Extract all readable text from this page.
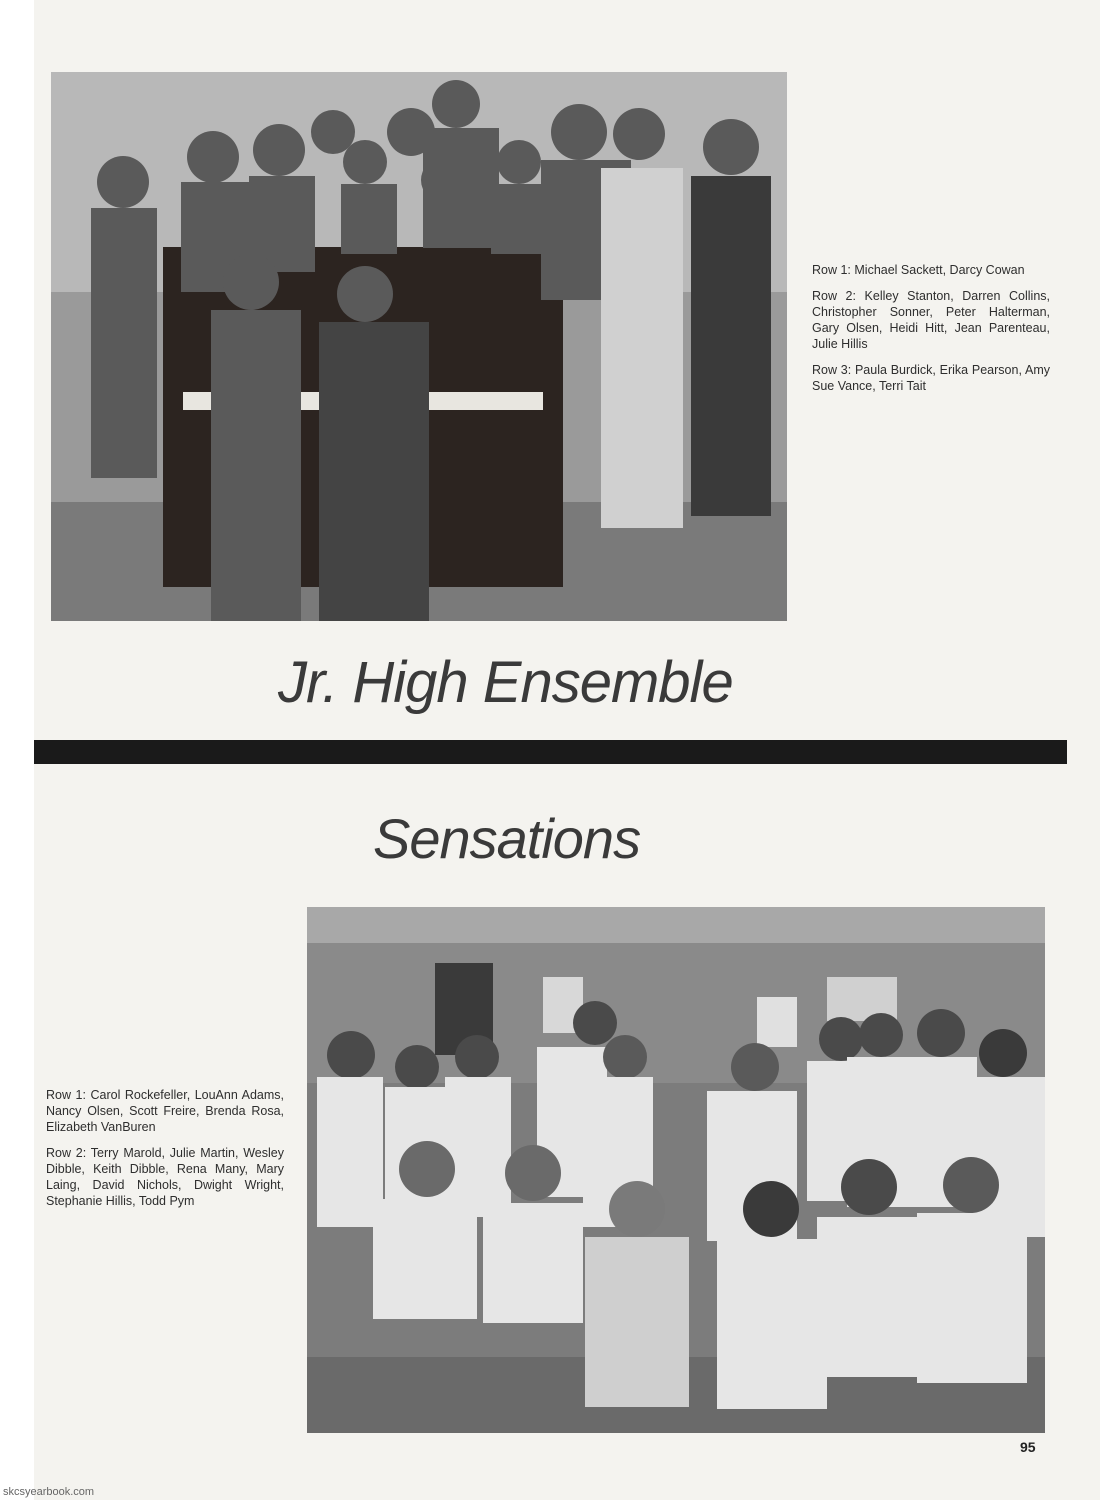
Row 1: Michael Sackett, Darcy Cowan

Row 2: Kelley Stanton, Darren Collins, Christopher Sonner, Peter Halterman, Gary Olsen, Heidi Hitt, Jean Parenteau, Julie Hillis

Row 3: Paula Burdick, Erika Pearson, Amy Sue Vance, Terri Tait

Jr. High Ensemble
Sensations

Row 1: Carol Rockefeller, LouAnn Adams, Nancy Olsen, Scott Freire, Brenda Rosa, Elizabeth VanBuren

Row 2: Terry Marold, Julie Martin, Wesley Dibble, Keith Dibble, Rena Many, Mary Laing, David Nichols, Dwight Wright, Stephanie Hillis, Todd Pym

95
skcsyearbook.com
